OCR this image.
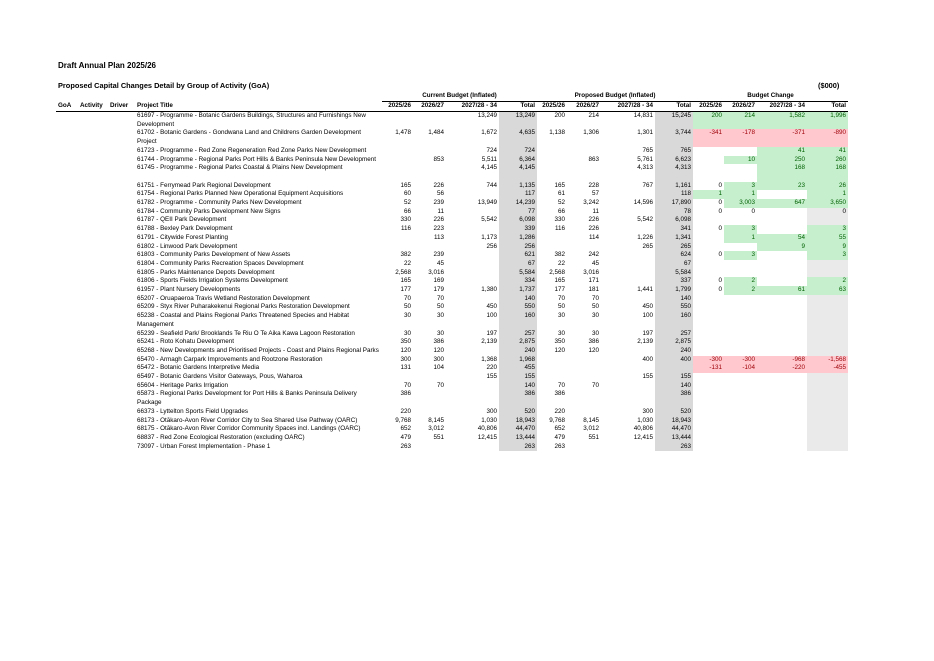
Draft Annual Plan 2025/26
Proposed Capital Changes Detail by Group of Activity (GoA)	($000)
				Current Budget (Inflated)				Proposed Budget (Inflated)				Budget Change			
GoA	Activity	Driver	Project Title	2025/26	2026/27	2027/28 - 34	Total	2025/26	2026/27	2027/28 - 34	Total	2025/26	2026/27	2027/28 - 34	Total
			61697 - Programme - Botanic Gardens Buildings, Structures and Furnishings New Development			13,249	13,249	200	214	14,831	15,245	200	214	1,582	1,996
			61702 - Botanic Gardens - Gondwana Land and Childrens Garden Development Project	1,478	1,484	1,672	4,635	1,138	1,306	1,301	3,744	-341	-178	-371	-890
			61723 - Programme - Red Zone Regeneration Red Zone Parks New Development			724	724			765	765			41	41
			61744 - Programme - Regional Parks Port Hills & Banks Peninsula New Development		853	5,511	6,364		863	5,761	6,623		10	250	260
			61745 - Programme - Regional Parks Coastal & Plains New Development			4,145	4,145			4,313	4,313			168	168
			61751 - Ferrymead Park Regional Development	165	226	744	1,135	165	228	767	1,161	0	3	23	26
			61754 - Regional Parks Planned New Operational Equipment Acquisitions	60	56		117	61	57		118	1	1		1
			61782 - Programme - Community Parks New Development	52	239	13,949	14,239	52	3,242	14,596	17,890	0	3,003	647	3,650
			61784 - Community Parks Development New Signs	66	11		77	66	11		78	0	0		0
			61787 - QEII Park Development	330	226	5,542	6,098	330	226	5,542	6,098				
			61788 - Bexley Park Development	116	223		339	116	226		341	0	3		3
			61791 - Citywide Forest Planting		113	1,173	1,286		114	1,226	1,341		1	54	55
			61802 - Linwood Park Development			256	256			265	265			9	9
			61803 - Community Parks Development of New Assets	382	239		621	382	242		624	0	3		3
			61804 - Community Parks Recreation Spaces Development	22	45		67	22	45		67				
			61805 - Parks Maintenance Depots Development	2,568	3,016		5,584	2,568	3,016		5,584				
			61806 - Sports Fields Irrigation Systems Development	165	169		334	165	171		337	0	2		2
			61957 - Plant Nursery Developments	177	179	1,380	1,737	177	181	1,441	1,799	0	2	61	63
			65207 - Ōruapaeroa Travis Wetland Restoration Development	70	70		140	70	70		140				
			65209 - Styx River Puharakekenui Regional Parks Restoration Development	50	50	450	550	50	50	450	550				
			65238 - Coastal and Plains Regional Parks Threatened Species and Habitat Management	30	30	100	160	30	30	100	160				
			65239 - Seafield Park/ Brooklands Te Riu O Te Aika Kawa Lagoon Restoration	30	30	197	257	30	30	197	257				
			65241 - Roto Kohatu Development	350	386	2,139	2,875	350	386	2,139	2,875				
			65268 - New Developments and Prioritised Projects - Coast and Plains Regional Parks	120	120		240	120	120		240				
			65470 - Armagh Carpark Improvements and Rootzone Restoration	300	300	1,368	1,968			400	400	-300	-300	-968	-1,568
			65472 - Botanic Gardens Interpretive Media	131	104	220	455					-131	-104	-220	-455
			65497 - Botanic Gardens Visitor Gateways, Pous, Waharoa			155	155			155	155				
			65604 - Heritage Parks Irrigation	70	70		140	70	70		140				
			65873 - Regional Parks Development for Port Hills & Banks Peninsula Delivery Package	386			386	386			386				
			66373 - Lyttelton Sports Field Upgrades	220		300	520	220		300	520				
			68173 - Ōtākaro-Avon River Corridor City to Sea Shared Use Pathway (OARC)	9,768	8,145	1,030	18,943	9,768	8,145	1,030	18,943				
			68175 - Ōtākaro-Avon River Corridor Community Spaces incl. Landings (OARC)	652	3,012	40,806	44,470	652	3,012	40,806	44,470				
			68837 - Red Zone Ecological Restoration (excluding OARC)	479	551	12,415	13,444	479	551	12,415	13,444				
			73097 - Urban Forest Implementation - Phase 1	263			263	263			263				
